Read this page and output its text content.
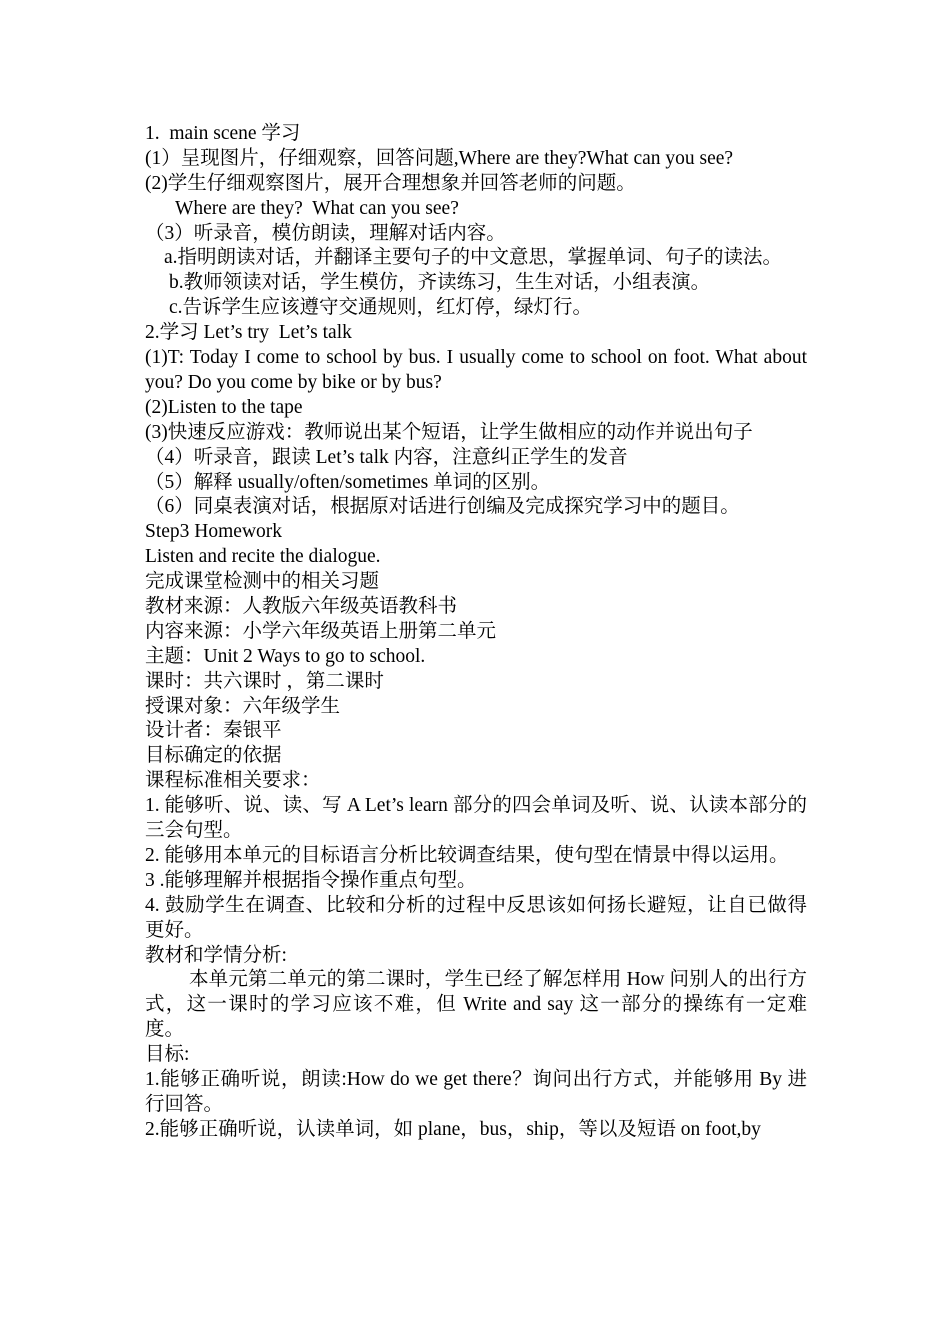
1.  main scene 学习
(1）呈现图片，仔细观察，回答问题,Where are they?What can you see?
(2)学生仔细观察图片，展开合理想象并回答老师的问题。
Where are they?  What can you see?
（3）听录音，模仿朗读，理解对话内容。
a.指明朗读对话，并翻译主要句子的中文意思，掌握单词、句子的读法。
b.教师领读对话，学生模仿，齐读练习，生生对话，小组表演。
c.告诉学生应该遵守交通规则，红灯停，绿灯行。
2.学习 Let’s try  Let’s talk
(1)T: Today I come to school by bus. I usually come to school on foot. What about you? Do you come by bike or by bus?
(2)Listen to the tape
(3)快速反应游戏：教师说出某个短语，让学生做相应的动作并说出句子
（4）听录音，跟读 Let’s talk 内容，注意纠正学生的发音
（5）解释 usually/often/sometimes 单词的区别。
（6）同桌表演对话，根据原对话进行创编及完成探究学习中的题目。
Step3 Homework
Listen and recite the dialogue.
完成课堂检测中的相关习题
教材来源：人教版六年级英语教科书
内容来源：小学六年级英语上册第二单元
主题：Unit 2 Ways to go to school.
课时：共六课时 ，第二课时
授课对象：六年级学生
设计者：秦银平
目标确定的依据
课程标准相关要求：
1. 能够听、说、读、写 A Let’s learn 部分的四会单词及听、说、认读本部分的三会句型。
2. 能够用本单元的目标语言分析比较调查结果，使句型在情景中得以运用。
3 .能够理解并根据指令操作重点句型。
4. 鼓励学生在调查、比较和分析的过程中反思该如何扬长避短，让自已做得更好。
教材和学情分析:
本单元第二单元的第二课时，学生已经了解怎样用 How 问别人的出行方式，这一课时的学习应该不难，但 Write and say 这一部分的操练有一定难度。
目标:
1.能够正确听说，朗读:How do we get there？询问出行方式，并能够用 By 进行回答。
2.能够正确听说，认读单词，如 plane，bus，ship，等以及短语 on foot,by
